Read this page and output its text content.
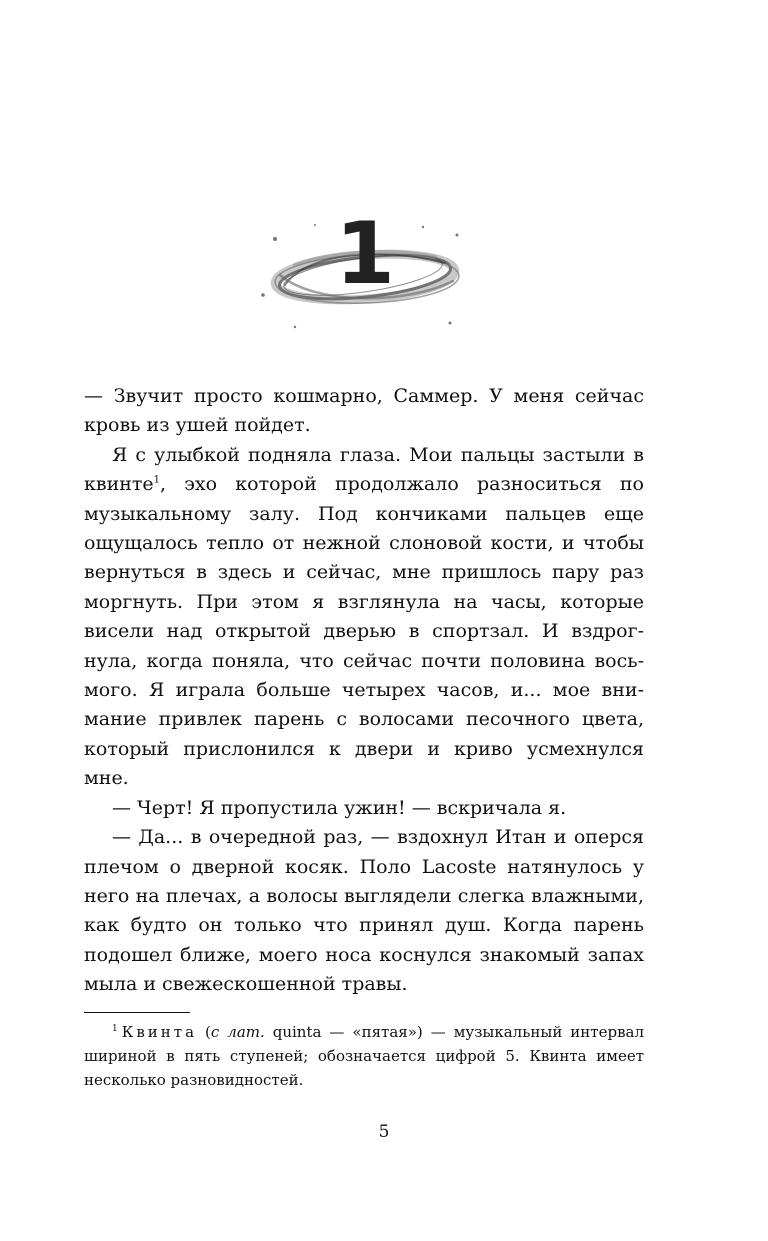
1

— Звучит просто кошмарно, Саммер. У меня сейчас кровь из ушей пойдет.

Я с улыбкой подняла глаза. Мои пальцы застыли в квинте$^1$, эхо которой продолжало разноситься по музыкальному залу. Под кончиками пальцев еще ощущалось тепло от нежной слоновой кости, и чтобы вернуться в здесь и сейчас, мне пришлось пару раз моргнуть. При этом я взглянула на часы, которые висели над открытой дверью в спортзал. И вздрогнула, когда поняла, что сейчас почти половина восьмого. Я играла больше четырех часов, и... мое внимание привлек парень с волосами песочного цвета, который прислонился к двери и криво усмехнулся мне.

— Черт! Я пропустила ужин! — вскричала я.

— Да... в очередной раз, — вздохнул Итан и оперся плечом о дверной косяк. Поло Lacoste натянулось у него на плечах, а волосы выглядели слегка влажными, как будто он только что принял душ. Когда парень подошел ближе, моего носа коснулся знакомый запах мыла и свежескошенной травы.

$^1$ Квинта (с лат. quinta — «пятая») — музыкальный интервал шириной в пять ступеней; обозначается цифрой 5. Квинта имеет несколько разновидностей.

5
